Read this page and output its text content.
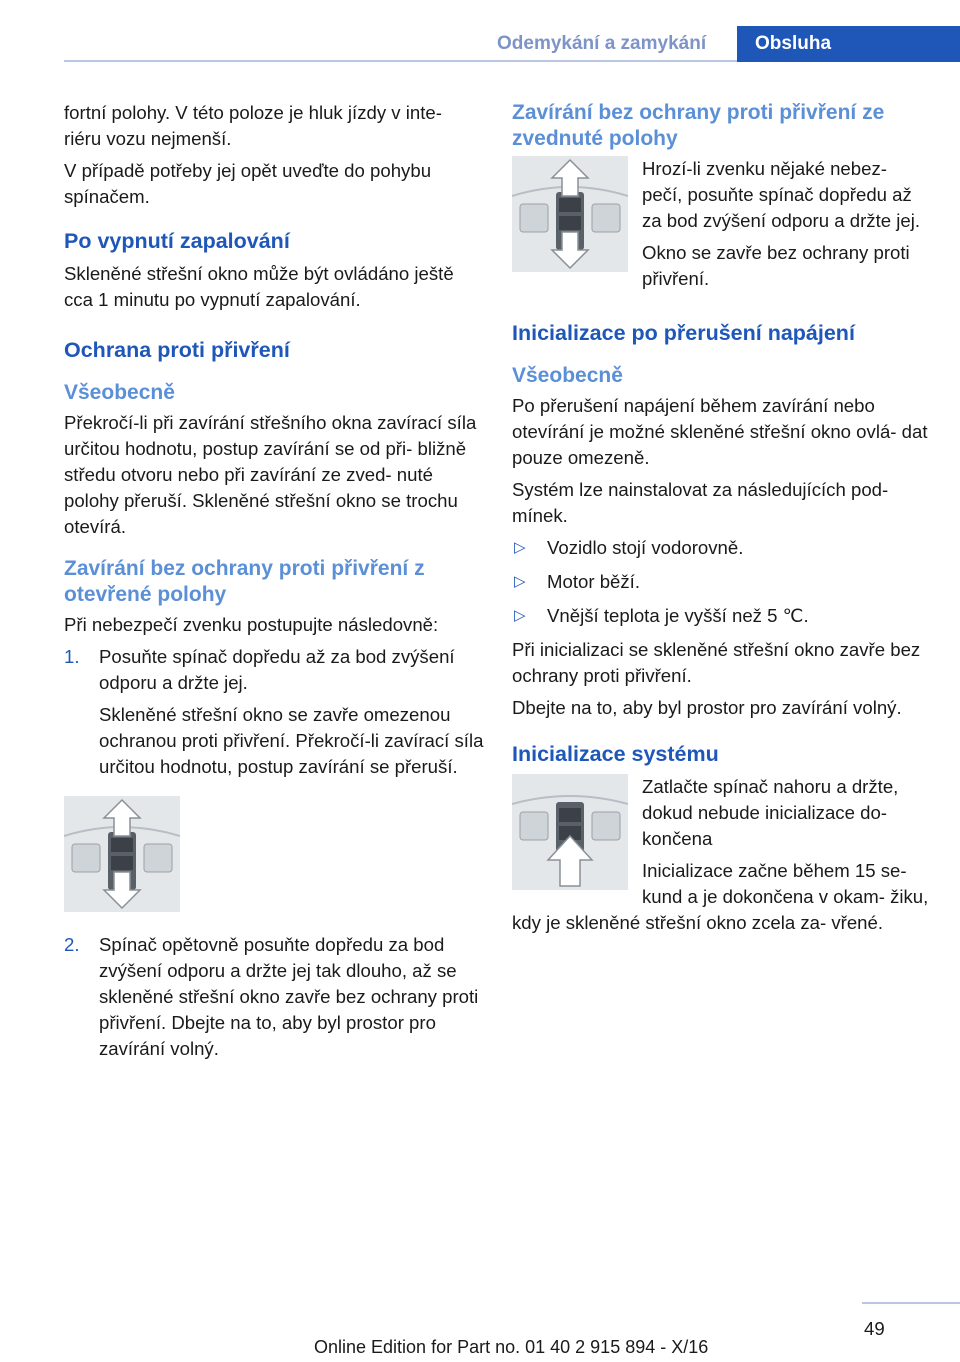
Odemykání a zamykání	Obsluha

fortní polohy. V této poloze je hluk jízdy v inte‐ riéru vozu nejmenší.

V případě potřeby jej opět uveďte do pohybu spínačem.

Po vypnutí zapalování

Skleněné střešní okno může být ovládáno ještě cca 1 minutu po vypnutí zapalování.

Ochrana proti přivření
Všeobecně

Překročí-li při zavírání střešního okna zavírací síla určitou hodnotu, postup zavírání se od při‐ bližně středu otvoru nebo při zavírání ze zved‐ nuté polohy přeruší. Skleněné střešní okno se trochu otevírá.

Zavírání bez ochrany proti přivření z otevřené polohy

Při nebezpečí zvenku postupujte následovně:

1. Posuňte spínač dopředu až za bod zvýšení odporu a držte jej.

Skleněné střešní okno se zavře omezenou ochranou proti přivření. Překročí-li zavírací síla určitou hodnotu, postup zavírání se přeruší.

2. Spínač opětovně posuňte dopředu za bod zvýšení odporu a držte jej tak dlouho, až se skleněné střešní okno zavře bez ochrany proti přivření. Dbejte na to, aby byl prostor pro zavírání volný.

Zavírání bez ochrany proti přivření ze zvednuté polohy

Hrozí-li zvenku nějaké nebez‐ pečí, posuňte spínač dopředu až za bod zvýšení odporu a držte jej.

Okno se zavře bez ochrany proti přivření.

Inicializace po přerušení napájení
Všeobecně

Po přerušení napájení během zavírání nebo otevírání je možné skleněné střešní okno ovlá‐ dat pouze omezeně.

Systém lze nainstalovat za následujících pod‐ mínek.

▷ Vozidlo stojí vodorovně.
▷ Motor běží.
▷ Vnější teplota je vyšší než 5 ℃.

Při inicializaci se skleněné střešní okno zavře bez ochrany proti přivření.

Dbejte na to, aby byl prostor pro zavírání volný.

Inicializace systému

Zatlačte spínač nahoru a držte, dokud nebude inicializace do‐ končena

Inicializace začne během 15 se‐ kund a je dokončena v okam‐ žiku, kdy je skleněné střešní okno zcela za‐ vřené.

49
Online Edition for Part no. 01 40 2 915 894 - X/16
